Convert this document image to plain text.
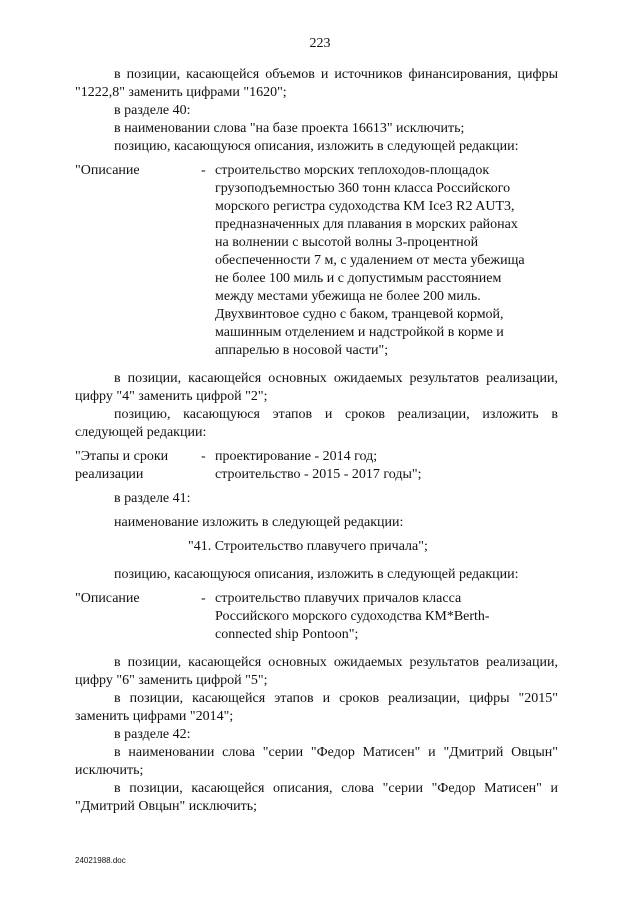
223

в позиции, касающейся объемов и источников финансирования, цифры "1222,8" заменить цифрами "1620";

в разделе 40:

в наименовании слова "на базе проекта 16613" исключить;

позицию, касающуюся описания, изложить в следующей редакции:

"Описание	- строительство морских теплоходов-площадок грузоподъемностью 360 тонн класса Российского морского регистра судоходства КМ Ice3 R2 AUT3, предназначенных для плавания в морских районах на волнении с высотой волны 3-процентной обеспеченности 7 м, с удалением от места убежища не более 100 миль и с допустимым расстоянием между местами убежища не более 200 миль. Двухвинтовое судно с баком, транцевой кормой, машинным отделением и надстройкой в корме и аппарелью в носовой части";

в позиции, касающейся основных ожидаемых результатов реализации, цифру "4" заменить цифрой "2";

позицию, касающуюся этапов и сроков реализации, изложить в следующей редакции:

"Этапы и сроки реализации
- проектирование - 2014 год;
строительство - 2015 - 2017 годы";

в разделе 41:

наименование изложить в следующей редакции:

"41. Строительство плавучего причала";

позицию, касающуюся описания, изложить в следующей редакции:

"Описание	- строительство плавучих причалов класса Российского морского судоходства КМ*Berth-connected ship Pontoon";

в позиции, касающейся основных ожидаемых результатов реализации, цифру "6" заменить цифрой "5";

в позиции, касающейся этапов и сроков реализации, цифры "2015" заменить цифрами "2014";

в разделе 42:

в наименовании слова "серии "Федор Матисен" и "Дмитрий Овцын" исключить;

в позиции, касающейся описания, слова "серии "Федор Матисен" и "Дмитрий Овцын" исключить;

24021988.doc
